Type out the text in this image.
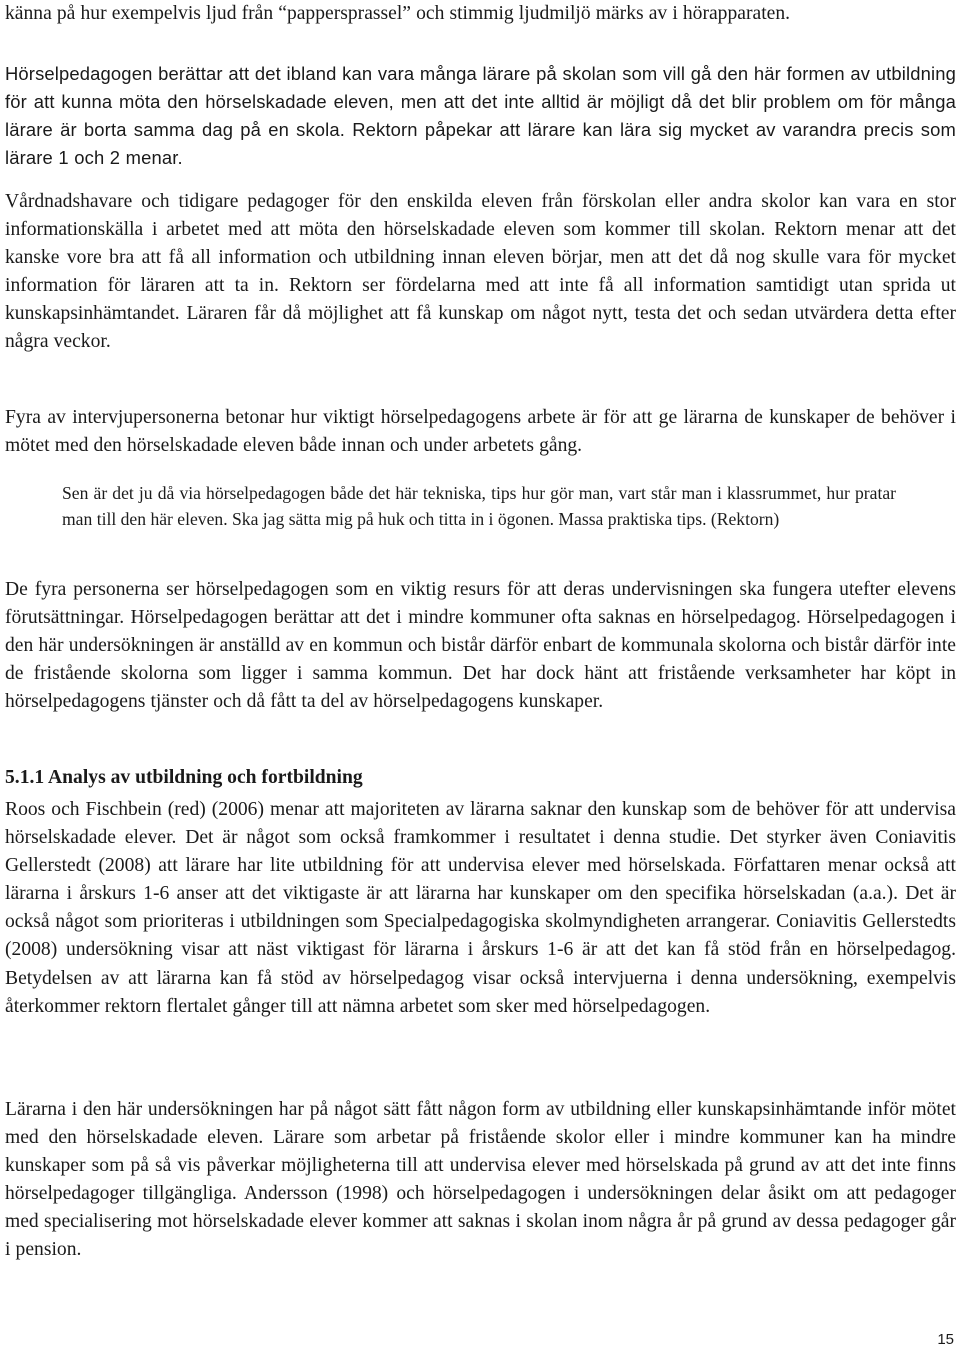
känna på hur exempelvis ljud från “pappersprassel” och stimmig ljudmiljö märks av i hörapparaten.

Hörselpedagogen berättar att det ibland kan vara många lärare på skolan som vill gå den här formen av utbildning för att kunna möta den hörselskadade eleven, men att det inte alltid är möjligt då det blir problem om för många lärare är borta samma dag på en skola. Rektorn påpekar att lärare kan lära sig mycket av varandra precis som lärare 1 och 2 menar.

Vårdnadshavare och tidigare pedagoger för den enskilda eleven från förskolan eller andra skolor kan vara en stor informationskälla i arbetet med att möta den hörselskadade eleven som kommer till skolan. Rektorn menar att det kanske vore bra att få all information och utbildning innan eleven börjar, men att det då nog skulle vara för mycket information för läraren att ta in. Rektorn ser fördelarna med att inte få all information samtidigt utan sprida ut kunskapsinhämtandet. Läraren får då möjlighet att få kunskap om något nytt, testa det och sedan utvärdera detta efter några veckor.

Fyra av intervjupersonerna betonar hur viktigt hörselpedagogens arbete är för att ge lärarna de kunskaper de behöver i mötet med den hörselskadade eleven både innan och under arbetets gång.

Sen är det ju då via hörselpedagogen både det här tekniska, tips hur gör man, vart står man i klassrummet, hur pratar man till den här eleven. Ska jag sätta mig på huk och titta in i ögonen. Massa praktiska tips. (Rektorn)

De fyra personerna ser hörselpedagogen som en viktig resurs för att deras undervisningen ska fungera utefter elevens förutsättningar. Hörselpedagogen berättar att det i mindre kommuner ofta saknas en hörselpedagog. Hörselpedagogen i den här undersökningen är anställd av en kommun och bistår därför enbart de kommunala skolorna och bistår därför inte de fristående skolorna som ligger i samma kommun. Det har dock hänt att fristående verksamheter har köpt in hörselpedagogens tjänster och då fått ta del av hörselpedagogens kunskaper.

5.1.1 Analys av utbildning och fortbildning

Roos och Fischbein (red) (2006) menar att majoriteten av lärarna saknar den kunskap som de behöver för att undervisa hörselskadade elever. Det är något som också framkommer i resultatet i denna studie. Det styrker även Coniavitis Gellerstedt (2008) att lärare har lite utbildning för att undervisa elever med hörselskada. Författaren menar också att lärarna i årskurs 1-6 anser att det viktigaste är att lärarna har kunskaper om den specifika hörselskadan (a.a.). Det är också något som prioriteras i utbildningen som Specialpedagogiska skolmyndigheten arrangerar. Coniavitis Gellerstedts (2008) undersökning visar att näst viktigast för lärarna i årskurs 1-6 är att det kan få stöd från en hörselpedagog. Betydelsen av att lärarna kan få stöd av hörselpedagog visar också intervjuerna i denna undersökning, exempelvis återkommer rektorn flertalet gånger till att nämna arbetet som sker med hörselpedagogen.

Lärarna i den här undersökningen har på något sätt fått någon form av utbildning eller kunskapsinhämtande inför mötet med den hörselskadade eleven. Lärare som arbetar på fristående skolor eller i mindre kommuner kan ha mindre kunskaper som på så vis påverkar möjligheterna till att undervisa elever med hörselskada på grund av att det inte finns hörselpedagoger tillgängliga. Andersson (1998) och hörselpedagogen i undersökningen delar åsikt om att pedagoger med specialisering mot hörselskadade elever kommer att saknas i skolan inom några år på grund av dessa pedagoger går i pension.

15
